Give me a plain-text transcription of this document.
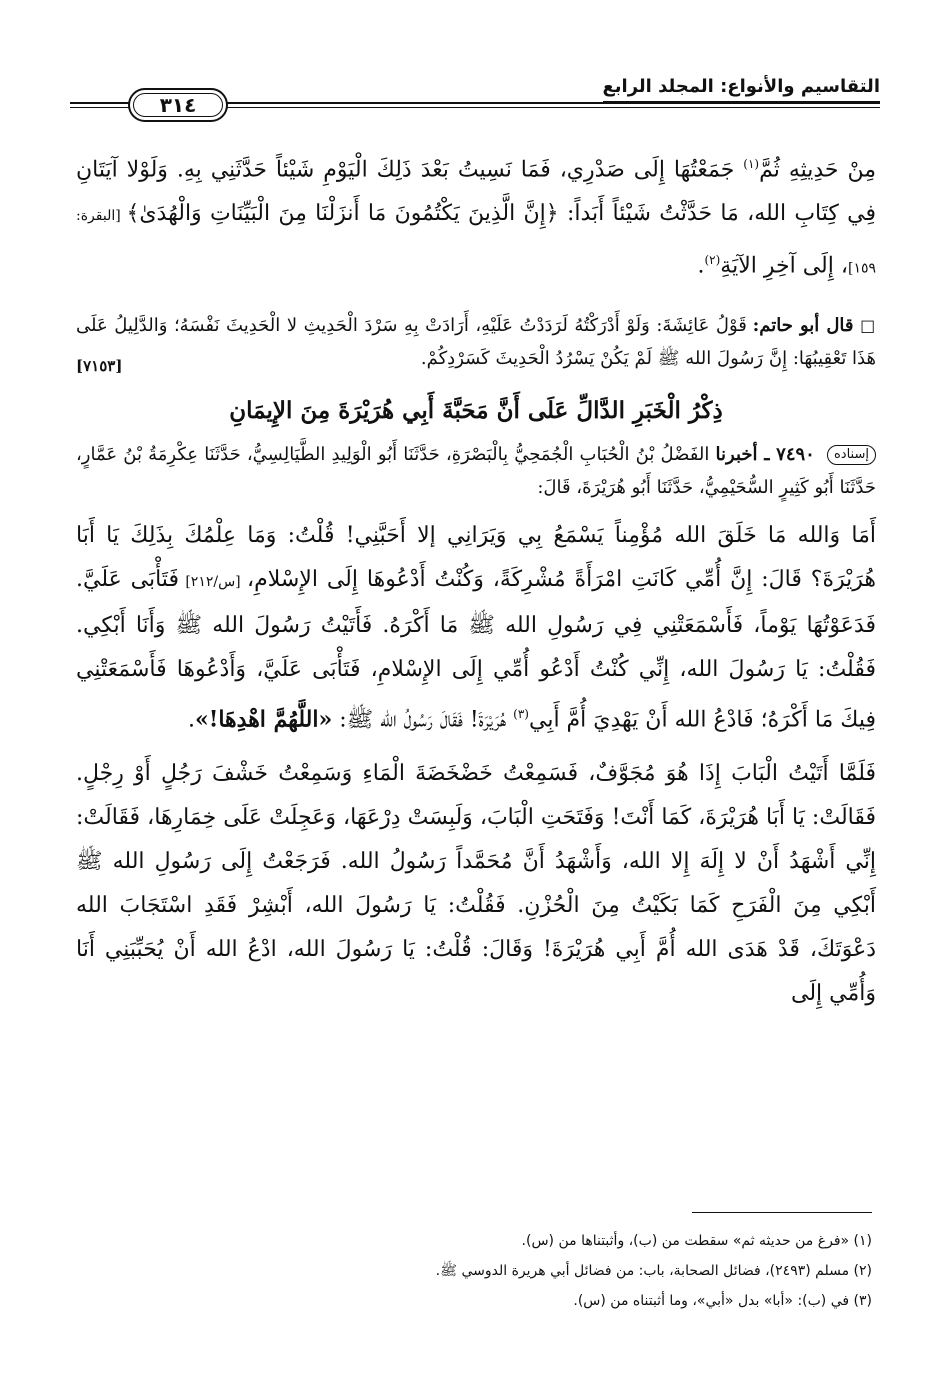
التقاسيم والأنواع: المجلد الرابع
٣١٤

مِنْ حَدِيثِهِ ثُمَّ$^{(١)}$ جَمَعْتُهَا إِلَى صَدْرِي، فَمَا نَسِيتُ بَعْدَ ذَلِكَ الْيَوْمِ شَيْئاً حَدَّثَنِي بِهِ. وَلَوْلا آيَتَانِ فِي كِتَابِ الله، مَا حَدَّثْتُ شَيْئاً أَبَداً: ﴿إِنَّ الَّذِينَ يَكْتُمُونَ مَا أَنزَلْنَا مِنَ الْبَيِّنَاتِ وَالْهُدَىٰ﴾ [البقرة: ١٥٩]، إِلَى آخِرِ الآيَةِ$^{(٢)}$.

□ قال أبو حاتم: قَوْلُ عَائِشَةَ: وَلَوْ أَدْرَكْتُهُ لَرَدَدْتُ عَلَيْهِ، أَرَادَتْ بِهِ سَرْدَ الْحَدِيثِ لا الْحَدِيثَ نَفْسَهُ؛ وَالدَّلِيلُ عَلَى هَذَا تَعْقِيبُهَا: إِنَّ رَسُولَ الله ﷺ لَمْ يَكُنْ يَسْرُدُ الْحَدِيثَ كَسَرْدِكُمْ.

[٧١٥٣]
ذِكْرُ الْخَبَرِ الدَّالِّ عَلَى أَنَّ مَحَبَّةَ أَبِي هُرَيْرَةَ مِنَ الإِيمَانِ

إسناده ٧٤٩٠ ـ أخبرنا الفَضْلُ بْنُ الْحُبَابِ الْجُمَحِيُّ بِالْبَصْرَةِ، حَدَّثَنَا أَبُو الْوَلِيدِ الطَّيَالِسِيُّ، حَدَّثَنَا عِكْرِمَةُ بْنُ عَمَّارٍ، حَدَّثَنَا أَبُو كَثِيرٍ السُّحَيْمِيُّ، حَدَّثَنَا أَبُو هُرَيْرَةَ، قَالَ:

أَمَا وَالله مَا خَلَقَ الله مُؤْمِناً يَسْمَعُ بِي وَيَرَانِي إلا أَحَبَّنِي! قُلْتُ: وَمَا عِلْمُكَ بِذَلِكَ يَا أَبَا هُرَيْرَةَ؟ قَالَ: إِنَّ أُمِّي كَانَتِ امْرَأَةً مُشْرِكَةً، وَكُنْتُ أَدْعُوهَا إِلَى الإِسْلامِ، [س/٢١٢] فَتَأْبَى عَلَيَّ. فَدَعَوْتُهَا يَوْماً، فَأَسْمَعَتْنِي فِي رَسُولِ الله ﷺ مَا أَكْرَهُ. فَأَتَيْتُ رَسُولَ الله ﷺ وَأَنَا أَبْكِي. فَقُلْتُ: يَا رَسُولَ الله، إِنِّي كُنْتُ أَدْعُو أُمِّي إِلَى الإِسْلامِ، فَتَأْبَى عَلَيَّ، وَأَدْعُوهَا فَأَسْمَعَتْنِي فِيكَ مَا أَكْرَهُ؛ فَادْعُ الله أَنْ يَهْدِيَ أُمَّ أَبِي$^{(٣)}$ هُرَيْرَةَ! فَقَالَ رَسُولُ الله ﷺ: «اللَّهُمَّ اهْدِهَا!».

فَلَمَّا أَتَيْتُ الْبَابَ إِذَا هُوَ مُجَوَّفٌ، فَسَمِعْتُ خَضْخَضَةَ الْمَاءِ وَسَمِعْتُ خَشْفَ رَجُلٍ أَوْ رِجْلٍ. فَقَالَتْ: يَا أَبَا هُرَيْرَةَ، كَمَا أَنْتَ! وَفَتَحَتِ الْبَابَ، وَلَبِسَتْ دِرْعَهَا، وَعَجِلَتْ عَلَى خِمَارِهَا، فَقَالَتْ: إِنِّي أَشْهَدُ أَنْ لا إِلَهَ إِلا الله، وَأَشْهَدُ أَنَّ مُحَمَّداً رَسُولُ الله. فَرَجَعْتُ إِلَى رَسُولِ الله ﷺ أَبْكِي مِنَ الْفَرَحِ كَمَا بَكَيْتُ مِنَ الْحُزْنِ. فَقُلْتُ: يَا رَسُولَ الله، أَبْشِرْ فَقَدِ اسْتَجَابَ الله دَعْوَتَكَ، قَدْ هَدَى الله أُمَّ أَبِي هُرَيْرَةَ! وَقَالَ: قُلْتُ: يَا رَسُولَ الله، ادْعُ الله أَنْ يُحَبِّبَنِي أَنَا وَأُمِّي إِلَى

(١) «فرغ من حديثه ثم» سقطت من (ب)، وأثبتناها من (س).
(٢) مسلم (٢٤٩٣)، فضائل الصحابة، باب: من فضائل أبي هريرة الدوسي ﷺ.
(٣) في (ب): «أبا» بدل «أبي»، وما أثبتناه من (س).
